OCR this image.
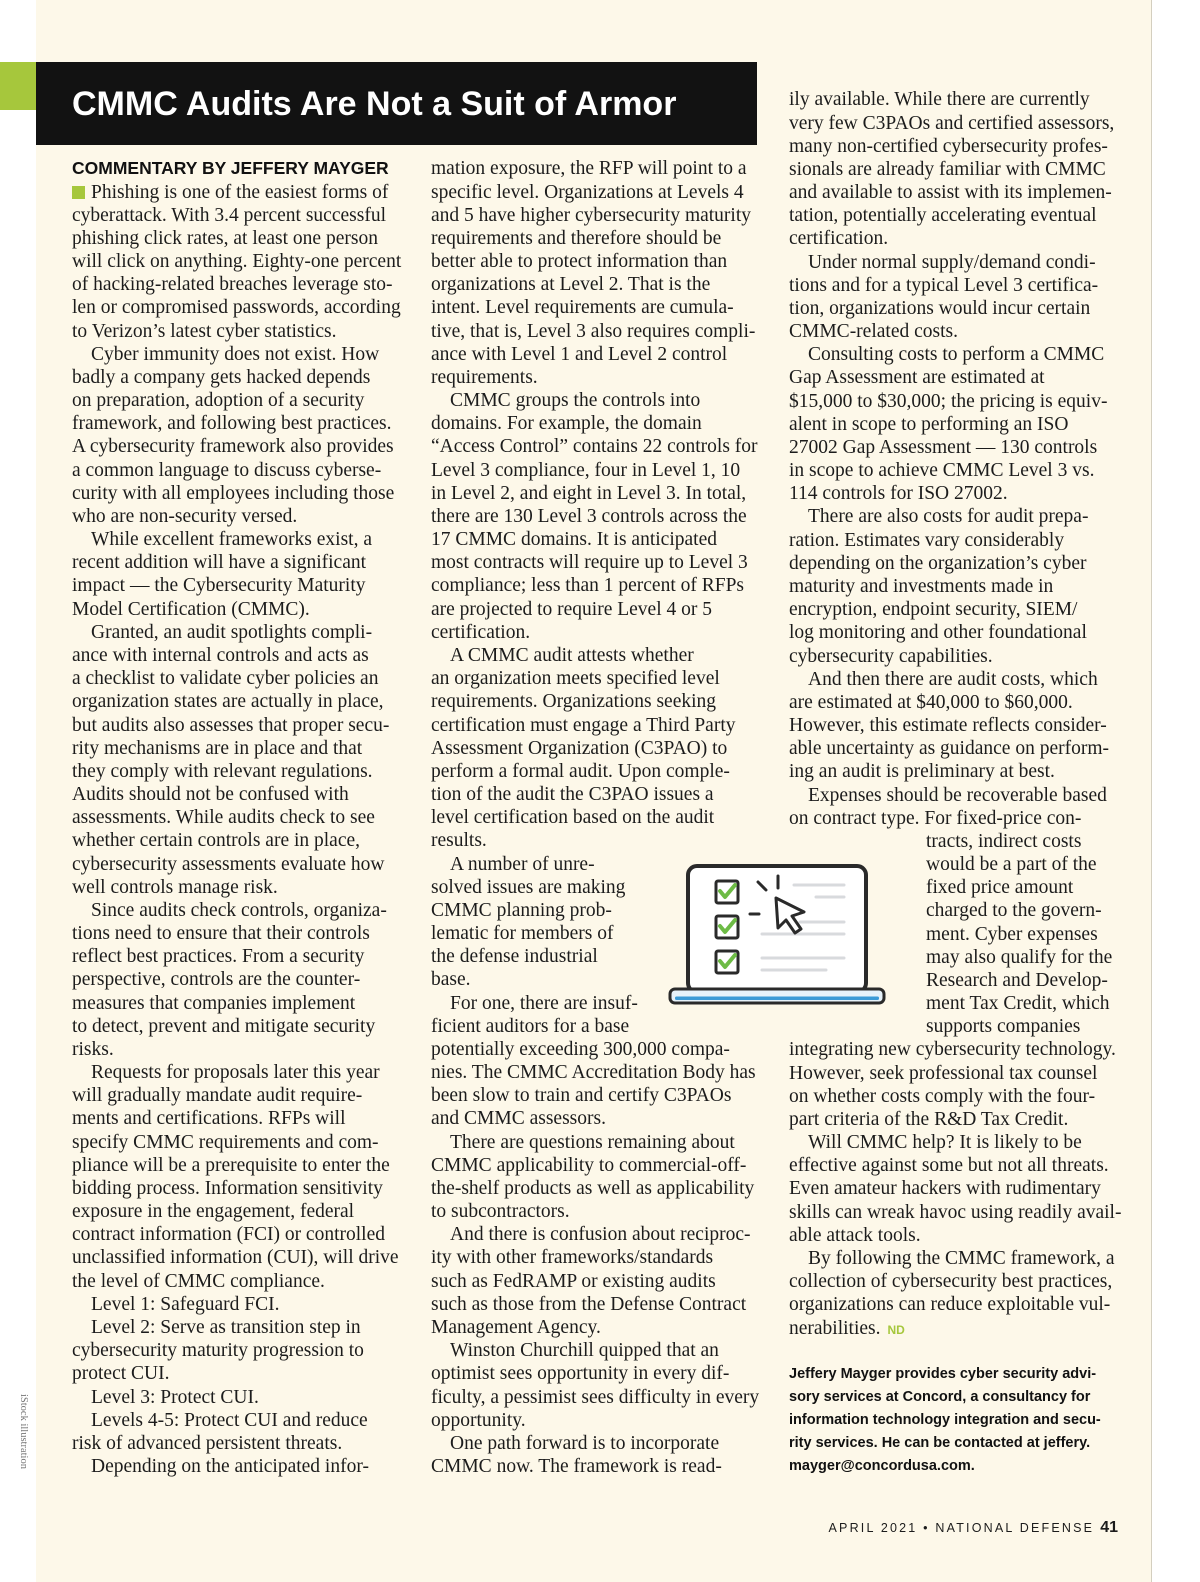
CMMC Audits Are Not a Suit of Armor
COMMENTARY BY JEFFERY MAYGER
Phishing is one of the easiest forms of
cyberattack. With 3.4 percent successful
phishing click rates, at least one person
will click on anything. Eighty-one percent
of hacking-related breaches leverage sto-
len or compromised passwords, according
to Verizon’s latest cyber statistics.
Cyber immunity does not exist. How
badly a company gets hacked depends
on preparation, adoption of a security
framework, and following best practices.
A cybersecurity framework also provides
a common language to discuss cyberse-
curity with all employees including those
who are non-security versed.
While excellent frameworks exist, a
recent addition will have a significant
impact — the Cybersecurity Maturity
Model Certification (CMMC).
Granted, an audit spotlights compli-
ance with internal controls and acts as
a checklist to validate cyber policies an
organization states are actually in place,
but audits also assesses that proper secu-
rity mechanisms are in place and that
they comply with relevant regulations.
Audits should not be confused with
assessments. While audits check to see
whether certain controls are in place,
cybersecurity assessments evaluate how
well controls manage risk.
Since audits check controls, organiza-
tions need to ensure that their controls
reflect best practices. From a security
perspective, controls are the counter-
measures that companies implement
to detect, prevent and mitigate security
risks.
Requests for proposals later this year
will gradually mandate audit require-
ments and certifications. RFPs will
specify CMMC requirements and com-
pliance will be a prerequisite to enter the
bidding process. Information sensitivity
exposure in the engagement, federal
contract information (FCI) or controlled
unclassified information (CUI), will drive
the level of CMMC compliance.
Level 1: Safeguard FCI.
Level 2: Serve as transition step in
cybersecurity maturity progression to
protect CUI.
Level 3: Protect CUI.
Levels 4-5: Protect CUI and reduce
risk of advanced persistent threats.
Depending on the anticipated infor-
mation exposure, the RFP will point to a
specific level. Organizations at Levels 4
and 5 have higher cybersecurity maturity
requirements and therefore should be
better able to protect information than
organizations at Level 2. That is the
intent. Level requirements are cumula-
tive, that is, Level 3 also requires compli-
ance with Level 1 and Level 2 control
requirements.
CMMC groups the controls into
domains. For example, the domain
“Access Control” contains 22 controls for
Level 3 compliance, four in Level 1, 10
in Level 2, and eight in Level 3. In total,
there are 130 Level 3 controls across the
17 CMMC domains. It is anticipated
most contracts will require up to Level 3
compliance; less than 1 percent of RFPs
are projected to require Level 4 or 5
certification.
A CMMC audit attests whether
an organization meets specified level
requirements. Organizations seeking
certification must engage a Third Party
Assessment Organization (C3PAO) to
perform a formal audit. Upon comple-
tion of the audit the C3PAO issues a
level certification based on the audit
results.
A number of unre-
solved issues are making
CMMC planning prob-
lematic for members of
the defense industrial
base.
For one, there are insuf-
ficient auditors for a base
potentially exceeding 300,000 compa-
nies. The CMMC Accreditation Body has
been slow to train and certify C3PAOs
and CMMC assessors.
There are questions remaining about
CMMC applicability to commercial-off-
the-shelf products as well as applicability
to subcontractors.
And there is confusion about reciproc-
ity with other frameworks/standards
such as FedRAMP or existing audits
such as those from the Defense Contract
Management Agency.
Winston Churchill quipped that an
optimist sees opportunity in every dif-
ficulty, a pessimist sees difficulty in every
opportunity.
One path forward is to incorporate
CMMC now. The framework is read-
ily available. While there are currently
very few C3PAOs and certified assessors,
many non-certified cybersecurity profes-
sionals are already familiar with CMMC
and available to assist with its implemen-
tation, potentially accelerating eventual
certification.
Under normal supply/demand condi-
tions and for a typical Level 3 certifica-
tion, organizations would incur certain
CMMC-related costs.
Consulting costs to perform a CMMC
Gap Assessment are estimated at
$15,000 to $30,000; the pricing is equiv-
alent in scope to performing an ISO
27002 Gap Assessment — 130 controls
in scope to achieve CMMC Level 3 vs.
114 controls for ISO 27002.
There are also costs for audit prepa-
ration. Estimates vary considerably
depending on the organization’s cyber
maturity and investments made in
encryption, endpoint security, SIEM/
log monitoring and other foundational
cybersecurity capabilities.
And then there are audit costs, which
are estimated at $40,000 to $60,000.
However, this estimate reflects consider-
able uncertainty as guidance on perform-
ing an audit is preliminary at best.
Expenses should be recoverable based
on contract type. For fixed-price con-
tracts, indirect costs
would be a part of the
fixed price amount
charged to the govern-
ment. Cyber expenses
may also qualify for the
Research and Develop-
ment Tax Credit, which
supports companies
integrating new cybersecurity technology.
However, seek professional tax counsel
on whether costs comply with the four-
part criteria of the R&D Tax Credit.
Will CMMC help? It is likely to be
effective against some but not all threats.
Even amateur hackers with rudimentary
skills can wreak havoc using readily avail-
able attack tools.
By following the CMMC framework, a
collection of cybersecurity best practices,
organizations can reduce exploitable vul-
nerabilities. ND
Jeffery Mayger provides cyber security advi-
sory services at Concord, a consultancy for
information technology integration and secu-
rity services. He can be contacted at jeffery.
mayger@concordusa.com.
iStock illustration
APRIL 2021 • NATIONAL DEFENSE 41
